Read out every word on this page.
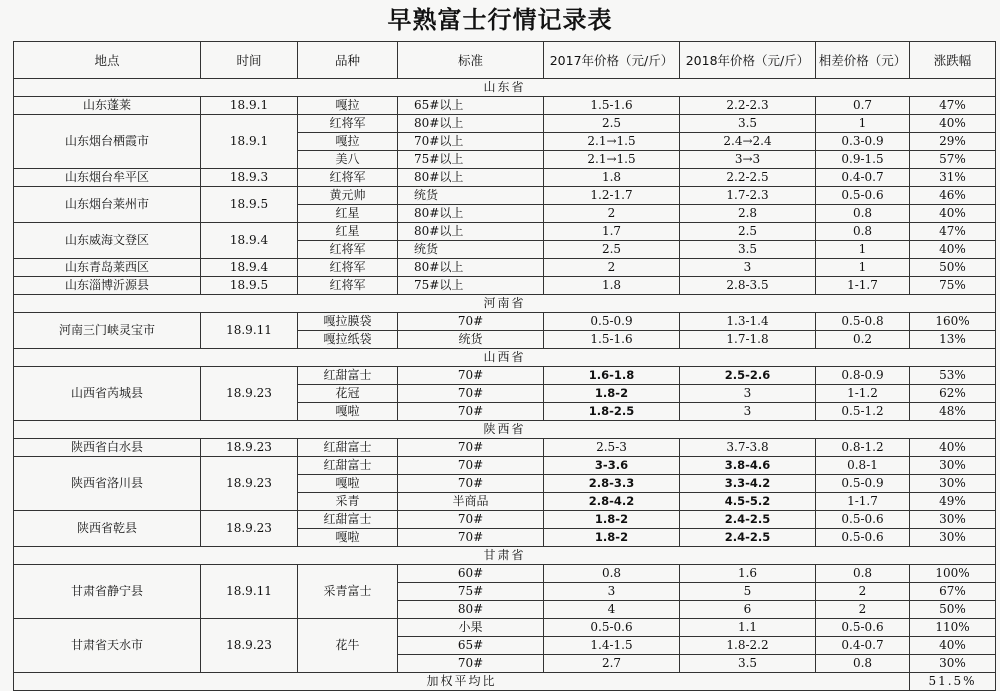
早熟富士行情记录表
地点	时间	品种	标准	2017年价格（元/斤）	2018年价格（元/斤）	相差价格（元）	涨跌幅
山东省							
山东蓬莱	18.9.1	嘎拉	65#以上	1.5-1.6	2.2-2.3	0.7	47%
山东烟台栖霞市	18.9.1	红将军	80#以上	2.5	3.5	1	40%
		嘎拉	70#以上	2.1→1.5	2.4→2.4	0.3-0.9	29%
		美八	75#以上	2.1→1.5	3→3	0.9-1.5	57%
山东烟台牟平区	18.9.3	红将军	80#以上	1.8	2.2-2.5	0.4-0.7	31%
山东烟台莱州市	18.9.5	黄元帅	统货	1.2-1.7	1.7-2.3	0.5-0.6	46%
		红星	80#以上	2	2.8	0.8	40%
山东威海文登区	18.9.4	红星	80#以上	1.7	2.5	0.8	47%
		红将军	统货	2.5	3.5	1	40%
山东青岛莱西区	18.9.4	红将军	80#以上	2	3	1	50%
山东淄博沂源县	18.9.5	红将军	75#以上	1.8	2.8-3.5	1-1.7	75%
河南省							
河南三门峡灵宝市	18.9.11	嘎拉膜袋	70#	0.5-0.9	1.3-1.4	0.5-0.8	160%
		嘎拉纸袋	统货	1.5-1.6	1.7-1.8	0.2	13%
山西省							
山西省芮城县	18.9.23	红甜富士	70#	1.6-1.8	2.5-2.6	0.8-0.9	53%
		花冠	70#	1.8-2	3	1-1.2	62%
		嘎啦	70#	1.8-2.5	3	0.5-1.2	48%
陕西省							
陕西省白水县	18.9.23	红甜富士	70#	2.5-3	3.7-3.8	0.8-1.2	40%
陕西省洛川县	18.9.23	红甜富士	70#	3-3.6	3.8-4.6	0.8-1	30%
		嘎啦	70#	2.8-3.3	3.3-4.2	0.5-0.9	30%
		采青	半商品	2.8-4.2	4.5-5.2	1-1.7	49%
陕西省乾县	18.9.23	红甜富士	70#	1.8-2	2.4-2.5	0.5-0.6	30%
		嘎啦	70#	1.8-2	2.4-2.5	0.5-0.6	30%
甘肃省							
甘肃省静宁县	18.9.11	采青富士	60#	0.8	1.6	0.8	100%
			75#	3	5	2	67%
			80#	4	6	2	50%
甘肃省天水市	18.9.23	花牛	小果	0.5-0.6	1.1	0.5-0.6	110%
			65#	1.4-1.5	1.8-2.2	0.4-0.7	40%
			70#	2.7	3.5	0.8	30%
加权平均比							51.5%
